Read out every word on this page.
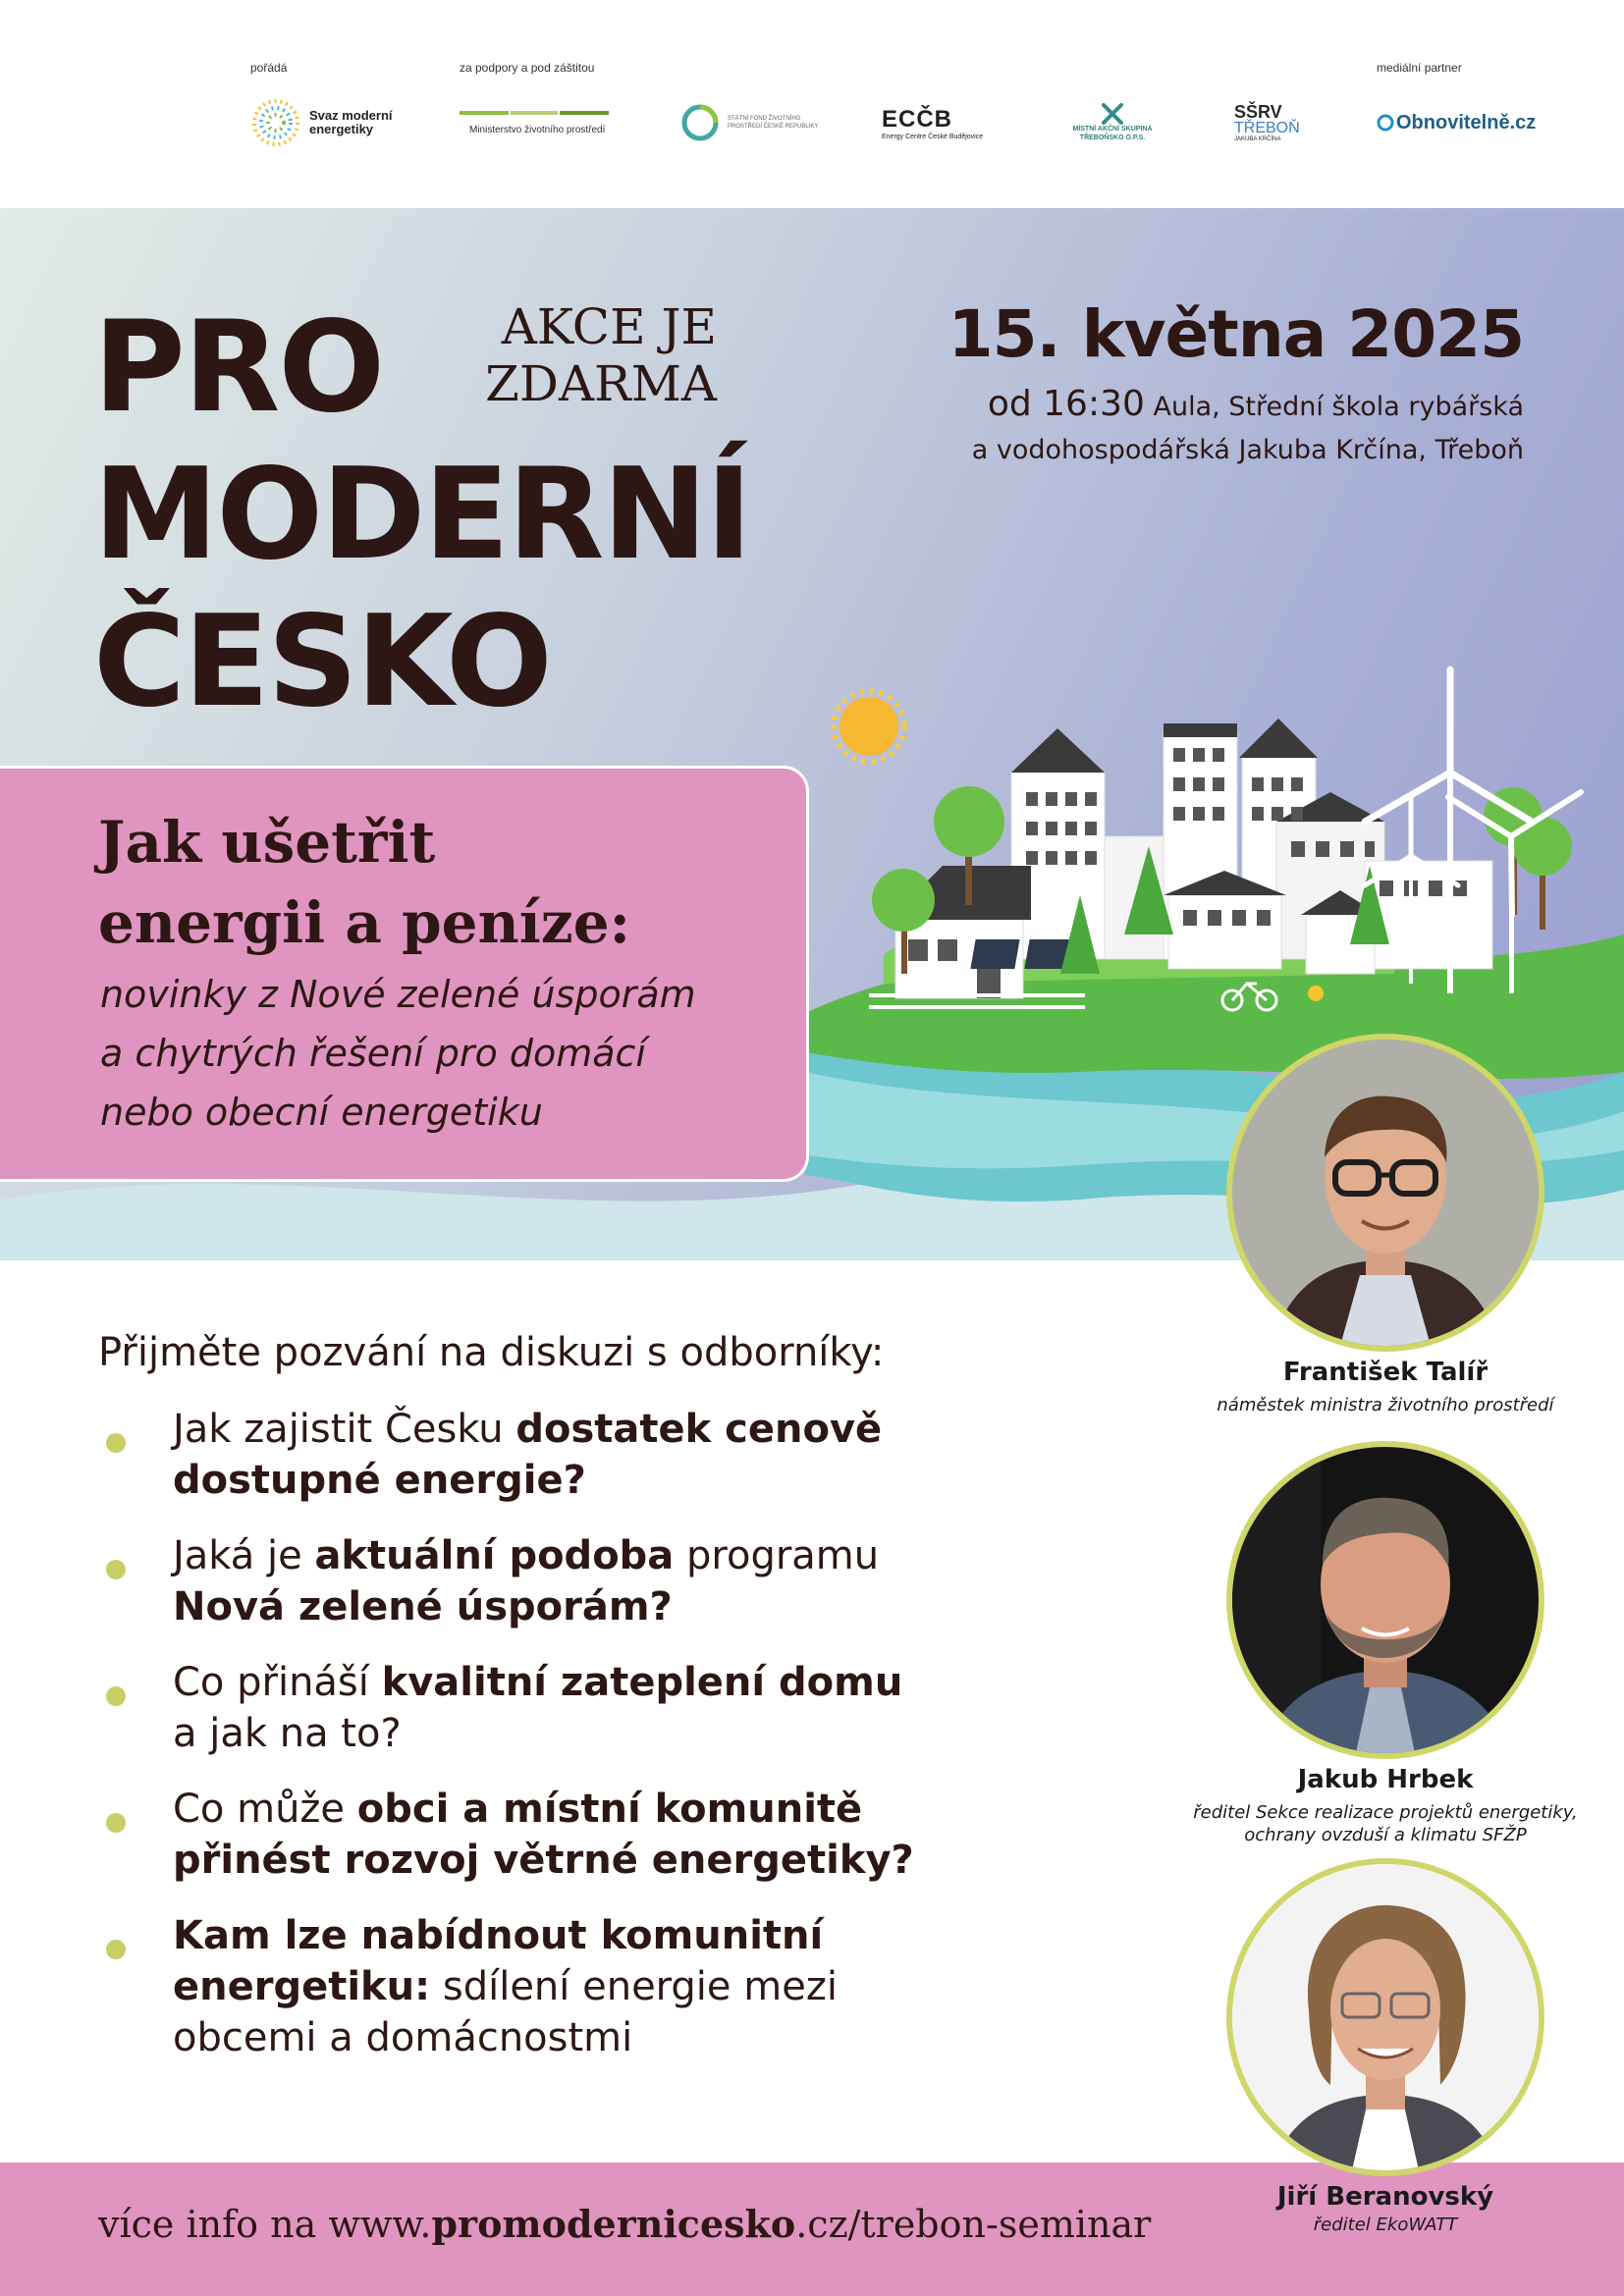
pořádá	za podpory a pod záštitou	mediální partner
Svaz moderní energetiky	Ministerstvo životního prostředí
STÁTNÍ FOND ŽIVOTNÍHO PROSTŘEDÍ ČESKÉ REPUBLIKY	ECČB
Energy Centre České Budějovice
MÍSTNÍ AKČNÍ SKUPINA TŘEBOŇSKO O.P.S.
SŠRV
TŘEBOŇ
JAKUBA KRČÍNA
Obnovitelně.cz
PRO
MODERNÍ
ČESKO
AKCE JE
ZDARMA
15. května 2025
od 16:30 Aula, Střední škola rybářská
a vodohospodářská Jakuba Krčína, Třeboň
Jak ušetřit
energii a peníze:
novinky z Nové zelené úsporám
a chytrých řešení pro domácí
nebo obecní energetiku
Přijměte pozvání na diskuzi s odborníky:
Jak zajistit Česku dostatek cenově
dostupné energie?
Jaká je aktuální podoba programu
Nová zelené úsporám?
Co přináší kvalitní zateplení domu
a jak na to?
Co může obci a místní komunitě
přinést rozvoj větrné energetiky?
Kam lze nabídnout komunitní
energetiku: sdílení energie mezi
obcemi a domácnostmi
více info na www.promodernicesko.cz/trebon-seminar
František Talíř
náměstek ministra životního prostředí
Jakub Hrbek
ředitel Sekce realizace projektů energetiky,
ochrany ovzduší a klimatu SFŽP
Jiří Beranovský
ředitel EkoWATT
